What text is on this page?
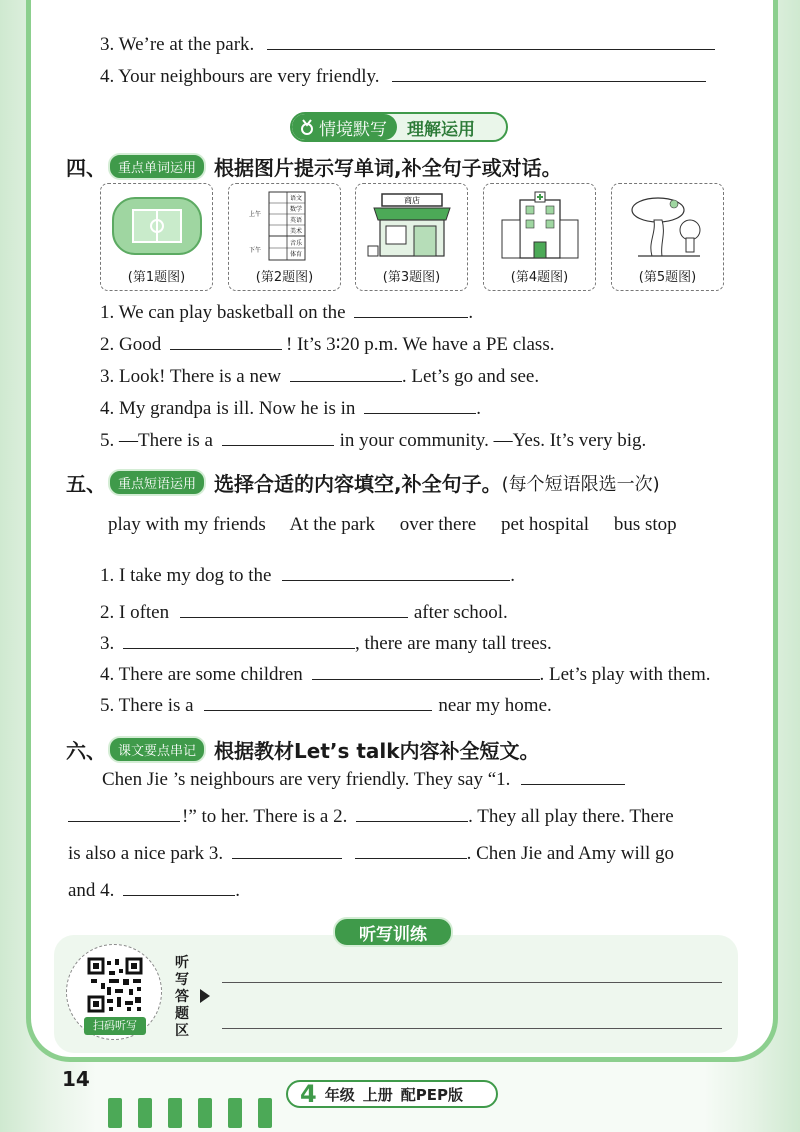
3. We’re at the park.
4. Your neighbours are very friendly.
情境默写	理解运用
四、 重点单词运用 根据图片提示写单词,补全句子或对话。
(第1题图)
上午
下午
语文
数学
英语
美术
音乐
体育
(第2题图)
商店
(第3题图)	(第4题图)	(第5题图)
1. We can play basketball on the	.
2. Good	! It’s 3∶20 p.m. We have a PE class.
3. Look! There is a new	. Let’s go and see.
4. My grandpa is ill. Now he is in	.
5. —There is a	in your community. —Yes. It’s very big.
五、 重点短语运用 选择合适的内容填空,补全句子。 (每个短语限选一次)
play with my friends At the park over there pet hospital bus stop
1. I take my dog to the	.
2. I often	after school.
3.	, there are many tall trees.
4. There are some children	. Let’s play with them.
5. There is a	near my home.
六、 课文要点串记 根据教材Let’s talk内容补全短文。
Chen Jie ’s neighbours are very friendly. They say “1.
!” to her. There is a 2.	. They all play there. There
is also a nice park 3.	. Chen Jie and Amy will go
and 4.	.
听写训练
扫码听写
听写答题区
14
4 年级 上册 配PEP版
